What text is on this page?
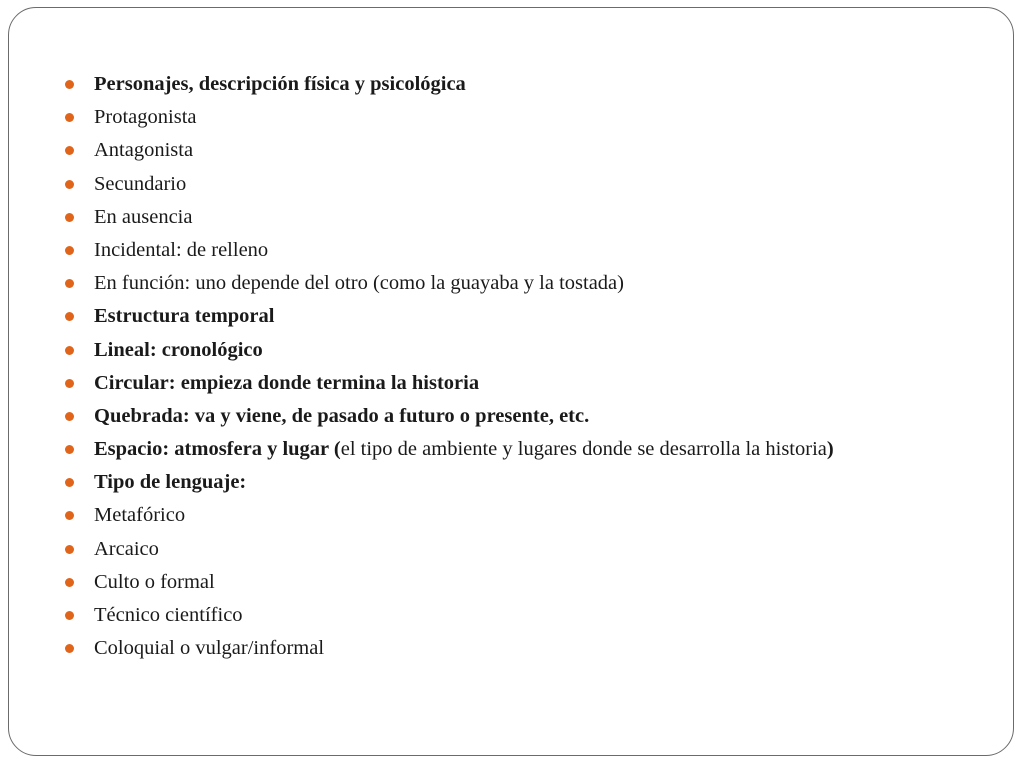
Personajes, descripción física y psicológica
Protagonista
Antagonista
Secundario
En ausencia
Incidental: de relleno
En función: uno depende del otro (como la guayaba y la tostada)
Estructura temporal
Lineal: cronológico
Circular: empieza donde termina la historia
Quebrada: va y viene, de pasado a futuro o presente, etc.
Espacio: atmosfera y lugar (el tipo de ambiente y lugares donde se desarrolla la historia)
Tipo de lenguaje:
Metafórico
Arcaico
Culto o formal
Técnico científico
Coloquial o vulgar/informal
